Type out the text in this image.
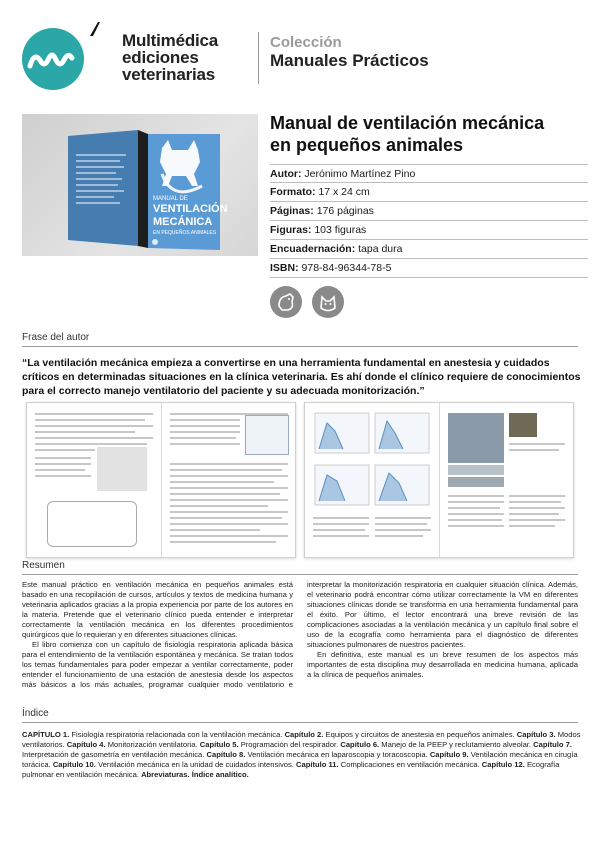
Multimédica
ediciones
veterinarias
Colección
Manuales Prácticos
MANUAL DE
VENTILACIÓN
MECÁNICA
EN PEQUEÑOS ANIMALES
Manual de ventilación mecánica
en pequeños animales
Autor: Jerónimo Martínez Pino
Formato: 17 x 24 cm
Páginas: 176 páginas
Figuras: 103 figuras
Encuadernación: tapa dura
ISBN: 978-84-96344-78-5
Frase del autor
“La ventilación mecánica empieza a convertirse en una herramienta fundamental en anestesia y cuidados críticos en determinadas situaciones en la clínica veterinaria. Es ahí donde el clínico requiere de conocimientos para el correcto manejo ventilatorio del paciente y su adecuada monitorización.”
Resumen

Este manual práctico en ventilación mecánica en pequeños animales está basado en una recopilación de cursos, artículos y textos de medicina humana y veterinaria aplicados gracias a la propia experiencia por parte de los autores en la materia. Pretende que el veterinario clínico pueda entender e interpretar correctamente la ventilación mecánica en los diferentes procedimientos quirúrgicos que lo requieran y en diferentes situaciones clínicas.

El libro comienza con un capítulo de fisiología respiratoria aplicada básica para el entendimiento de la ventilación espontánea y mecánica. Se tratan todos los temas fundamentales para poder empezar a ventilar correctamente, poder entender el funcionamiento de una estación de anestesia desde los aspectos más básicos a los más actuales, programar cualquier modo ventilatorio e interpretar la monitorización respiratoria en cualquier situación clínica. Además, el veterinario podrá encontrar cómo utilizar correctamente la VM en diferentes situaciones clínicas donde se transforma en una herramienta fundamental para el éxito. Por último, el lector encontrará una breve revisión de las complicaciones asociadas a la ventilación mecánica y un capítulo final sobre el uso de la ecografía como herramienta para el diagnóstico de diferentes situaciones pulmonares de nuestros pacientes.

En definitiva, este manual es un breve resumen de los aspectos más importantes de esta disciplina muy desarrollada en medicina humana, aplicada a la clínica de pequeños animales.

Índice
CAPÍTULO 1. Fisiología respiratoria relacionada con la ventilación mecánica. Capítulo 2. Equipos y circuitos de anestesia en pequeños animales. Capítulo 3. Modos ventilatorios. Capítulo 4. Monitorización ventilatoria. Capítulo 5. Programación del respirador. Capítulo 6. Manejo de la PEEP y reclutamiento alveolar. Capítulo 7. Interpretación de gasometría en ventilación mecánica. Capítulo 8. Ventilación mecánica en laparoscopia y toracoscopia. Capítulo 9. Ventilación mecánica en cirugía torácica. Capítulo 10. Ventilación mecánica en la unidad de cuidados intensivos. Capítulo 11. Complicaciones en ventilación mecánica. Capítulo 12. Ecografía pulmonar en ventilación mecánica. Abreviaturas. Índice analítico.
